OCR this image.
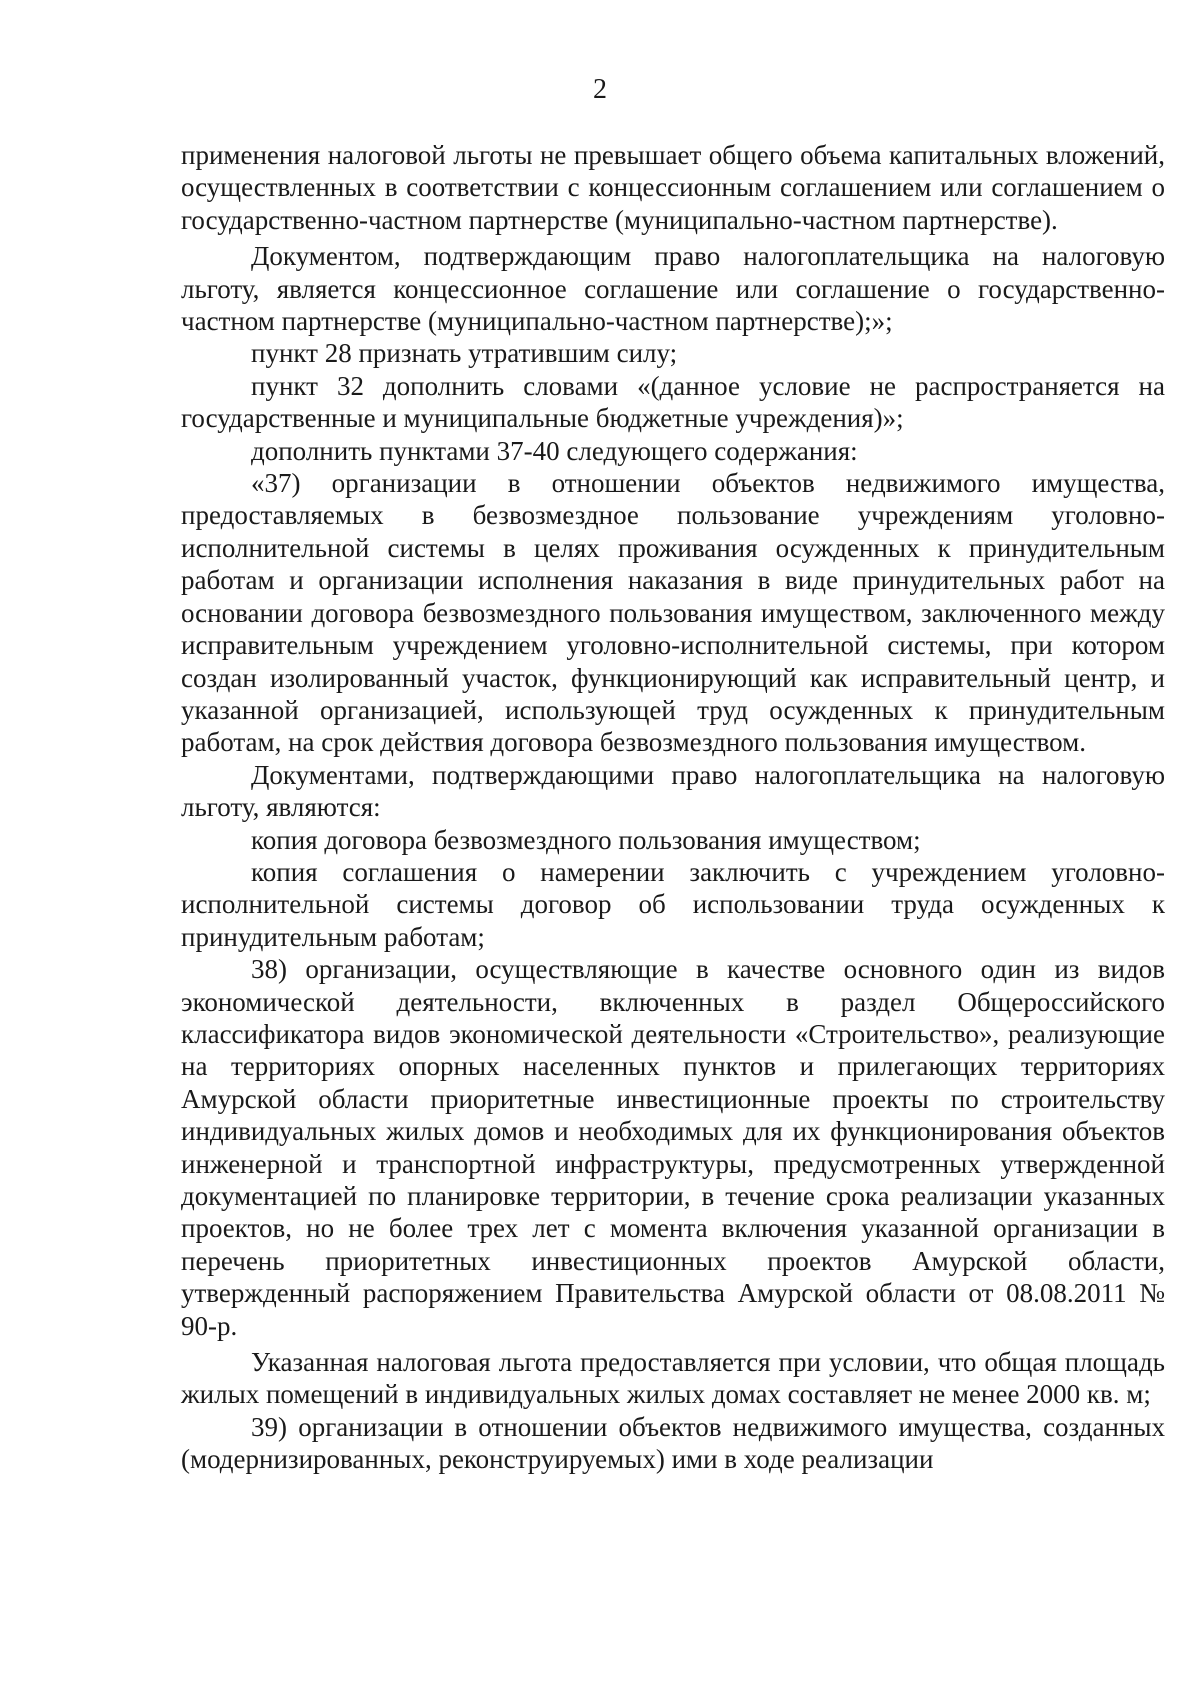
2

применения налоговой льготы не превышает общего объема капитальных вложений, осуществленных в соответствии с концессионным соглашением или соглашением о государственно-частном партнерстве (муниципально-частном партнерстве).

Документом, подтверждающим право налогоплательщика на налоговую льготу, является концессионное соглашение или соглашение о государственно-частном партнерстве (муниципально-частном партнерстве);»;

пункт 28 признать утратившим силу;

пункт 32 дополнить словами «(данное условие не распространяется на государственные и муниципальные бюджетные учреждения)»;

дополнить пунктами 37-40 следующего содержания:

«37) организации в отношении объектов недвижимого имущества, предоставляемых в безвозмездное пользование учреждениям уголовно-исполнительной системы в целях проживания осужденных к принудительным работам и организации исполнения наказания в виде принудительных работ на основании договора безвозмездного пользования имуществом, заключенного между исправительным учреждением уголовно-исполнительной системы, при котором создан изолированный участок, функционирующий как исправительный центр, и указанной организацией, использующей труд осужденных к принудительным работам, на срок действия договора безвозмездного пользования имуществом.

Документами, подтверждающими право налогоплательщика на налоговую льготу, являются:

копия договора безвозмездного пользования имуществом;

копия соглашения о намерении заключить с учреждением уголовно-исполнительной системы договор об использовании труда осужденных к принудительным работам;

38) организации, осуществляющие в качестве основного один из видов экономической деятельности, включенных в раздел Общероссийского классификатора видов экономической деятельности «Строительство», реализующие на территориях опорных населенных пунктов и прилегающих территориях Амурской области приоритетные инвестиционные проекты по строительству индивидуальных жилых домов и необходимых для их функционирования объектов инженерной и транспортной инфраструктуры, предусмотренных утвержденной документацией по планировке территории, в течение срока реализации указанных проектов, но не более трех лет с момента включения указанной организации в перечень приоритетных инвестиционных проектов Амурской области, утвержденный распоряжением Правительства Амурской области от 08.08.2011 № 90-р.

Указанная налоговая льгота предоставляется при условии, что общая площадь жилых помещений в индивидуальных жилых домах составляет не менее 2000 кв. м;

39) организации в отношении объектов недвижимого имущества, созданных (модернизированных, реконструируемых) ими в ходе реализации
